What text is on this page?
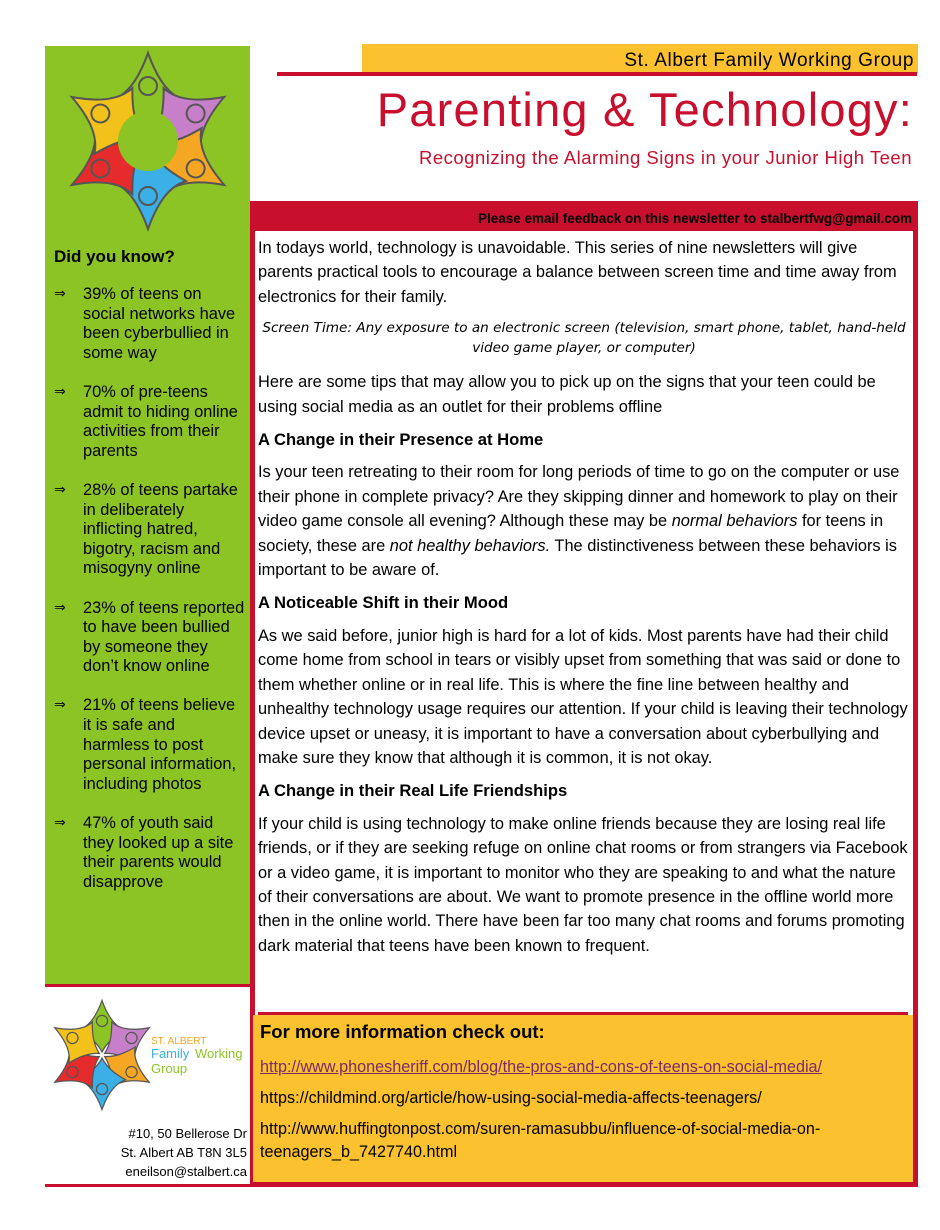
Did you know?
⇒ 39% of teens on social networks have been cyberbullied in some way
⇒ 70% of pre-teens admit to hiding online activities from their parents
⇒ 28% of teens partake in deliberately inflicting hatred, bigotry, racism and misogyny online
⇒ 23% of teens reported to have been bullied by someone they don’t know online
⇒ 21% of teens believe it is safe and harmless to post personal information, including photos
⇒ 47% of youth said they looked up a site their parents would disapprove
ST. ALBERT
Family Working
Group
#10, 50 Bellerose Dr
St. Albert AB T8N 3L5
eneilson@stalbert.ca
St. Albert Family Working Group
Parenting & Technology:
Recognizing the Alarming Signs in your Junior High Teen
Please email feedback on this newsletter to stalbertfwg@gmail.com

In todays world, technology is unavoidable. This series of nine newsletters will give parents practical tools to encourage a balance between screen time and time away from electronics for their family.

Screen Time: Any exposure to an electronic screen (television, smart phone, tablet, hand-held video game player, or computer)

Here are some tips that may allow you to pick up on the signs that your teen could be using social media as an outlet for their problems offline

A Change in their Presence at Home

Is your teen retreating to their room for long periods of time to go on the computer or use their phone in complete privacy? Are they skipping dinner and homework to play on their video game console all evening? Although these may be normal behaviors for teens in society, these are not healthy behaviors. The distinctiveness between these behaviors is important to be aware of.

A Noticeable Shift in their Mood

As we said before, junior high is hard for a lot of kids. Most parents have had their child come home from school in tears or visibly upset from something that was said or done to them whether online or in real life. This is where the fine line between healthy and unhealthy technology usage requires our attention. If your child is leaving their technology device upset or uneasy, it is important to have a conversation about cyberbullying and make sure they know that although it is common, it is not okay.

A Change in their Real Life Friendships

If your child is using technology to make online friends because they are losing real life friends, or if they are seeking refuge on online chat rooms or from strangers via Facebook or a video game, it is important to monitor who they are speaking to and what the nature of their conversations are about. We want to promote presence in the offline world more then in the online world. There have been far too many chat rooms and forums promoting dark material that teens have been known to frequent.

For more information check out:
http://www.phonesheriff.com/blog/the-pros-and-cons-of-teens-on-social-media/
https://childmind.org/article/how-using-social-media-affects-teenagers/
http://www.huffingtonpost.com/suren-ramasubbu/influence-of-social-media-on-teenagers_b_7427740.html
